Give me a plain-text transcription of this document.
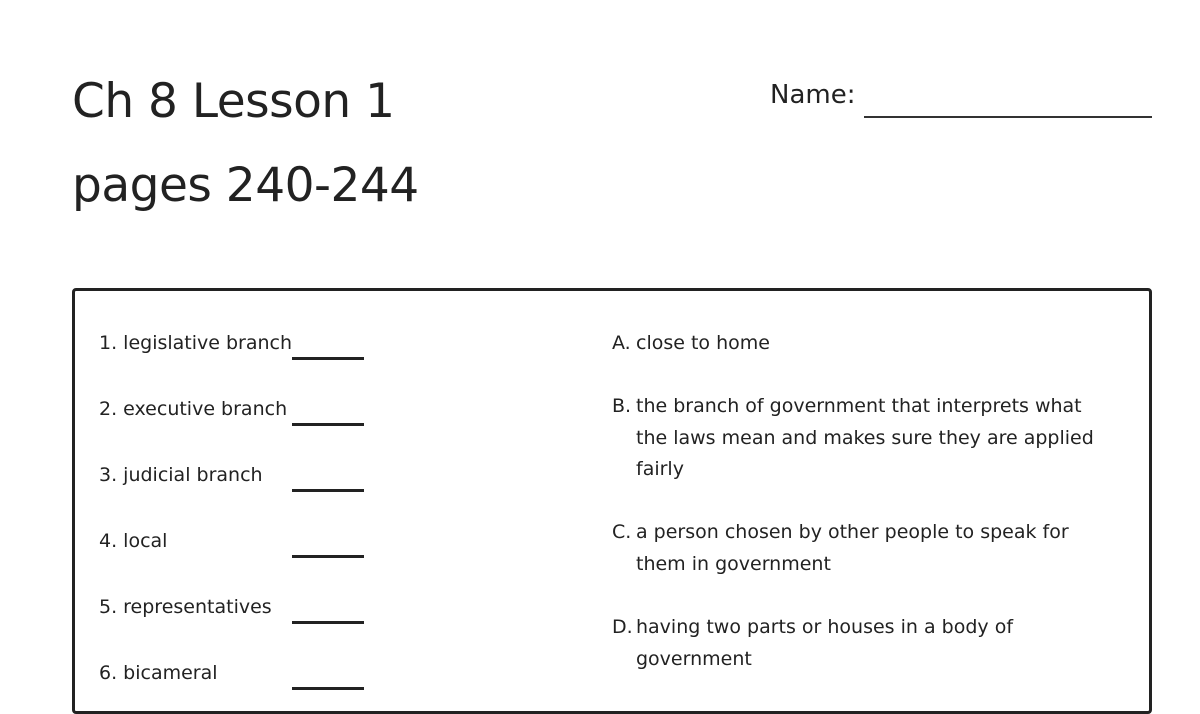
Ch 8 Lesson 1
pages 240-244
Name:
1. legislative branch
2. executive branch
3. judicial branch
4. local
5. representatives
6. bicameral
A. close to home
B. the branch of government that interprets what the laws mean and makes sure they are applied fairly
C. a person chosen by other people to speak for them in government
D. having two parts or houses in a body of government
